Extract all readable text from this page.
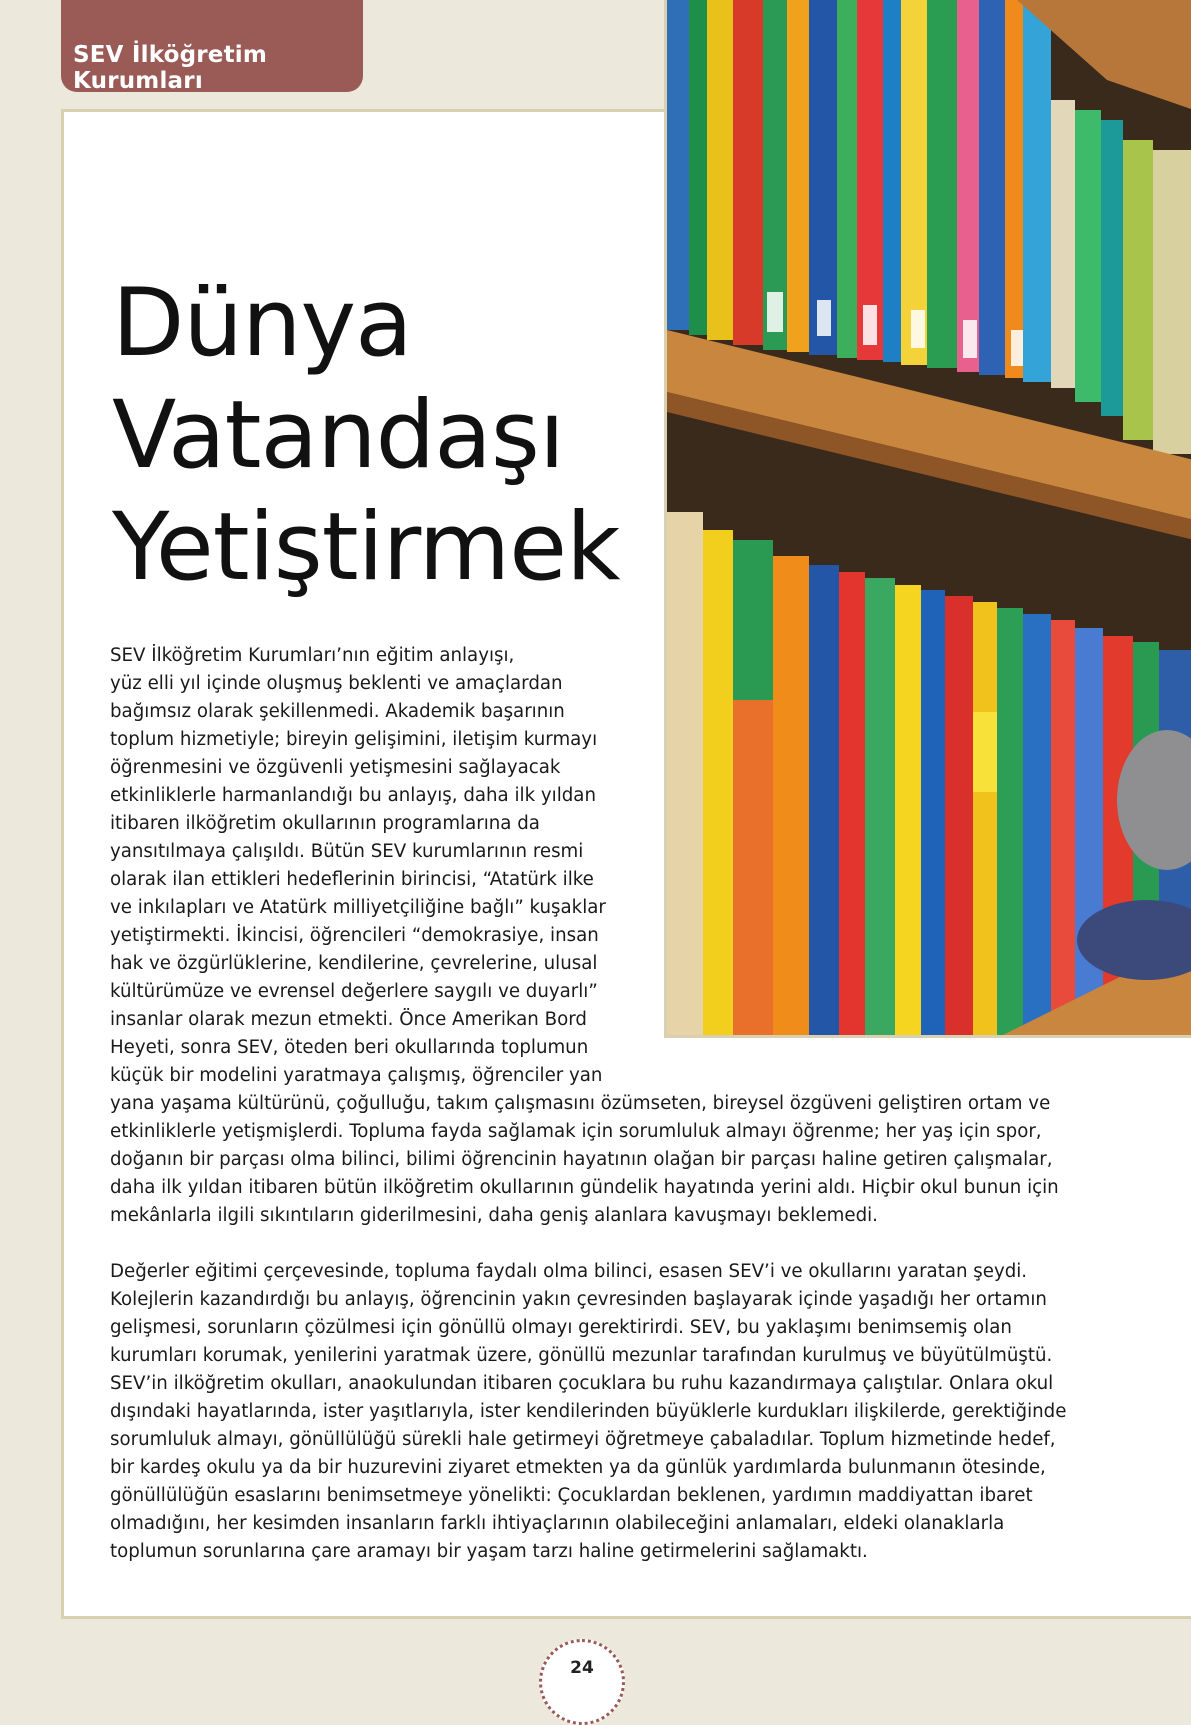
SEV İlköğretim Kurumları
Dünya
Vatandaşı
Yetiştirmek
SEV İlköğretim Kurumları’nın eğitim anlayışı,
yüz elli yıl içinde oluşmuş beklenti ve amaçlardan
bağımsız olarak şekillenmedi. Akademik başarının
toplum hizmetiyle; bireyin gelişimini, iletişim kurmayı
öğrenmesini ve özgüvenli yetişmesini sağlayacak
etkinliklerle harmanlandığı bu anlayış, daha ilk yıldan
itibaren ilköğretim okullarının programlarına da
yansıtılmaya çalışıldı. Bütün SEV kurumlarının resmi
olarak ilan ettikleri hedeflerinin birincisi, “Atatürk ilke
ve inkılapları ve Atatürk milliyetçiliğine bağlı” kuşaklar
yetiştirmekti. İkincisi, öğrencileri “demokrasiye, insan
hak ve özgürlüklerine, kendilerine, çevrelerine, ulusal
kültürümüze ve evrensel değerlere saygılı ve duyarlı”
insanlar olarak mezun etmekti. Önce Amerikan Bord
Heyeti, sonra SEV, öteden beri okullarında toplumun
küçük bir modelini yaratmaya çalışmış, öğrenciler yan
yana yaşama kültürünü, çoğulluğu, takım çalışmasını özümseten, bireysel özgüveni geliştiren ortam ve
etkinliklerle yetişmişlerdi. Topluma fayda sağlamak için sorumluluk almayı öğrenme; her yaş için spor,
doğanın bir parçası olma bilinci, bilimi öğrencinin hayatının olağan bir parçası haline getiren çalışmalar,
daha ilk yıldan itibaren bütün ilköğretim okullarının gündelik hayatında yerini aldı. Hiçbir okul bunun için
mekânlarla ilgili sıkıntıların giderilmesini, daha geniş alanlara kavuşmayı beklemedi.
Değerler eğitimi çerçevesinde, topluma faydalı olma bilinci, esasen SEV’i ve okullarını yaratan şeydi.
Kolejlerin kazandırdığı bu anlayış, öğrencinin yakın çevresinden başlayarak içinde yaşadığı her ortamın
gelişmesi, sorunların çözülmesi için gönüllü olmayı gerektirirdi. SEV, bu yaklaşımı benimsemiş olan
kurumları korumak, yenilerini yaratmak üzere, gönüllü mezunlar tarafından kurulmuş ve büyütülmüştü.
SEV’in ilköğretim okulları, anaokulundan itibaren çocuklara bu ruhu kazandırmaya çalıştılar. Onlara okul
dışındaki hayatlarında, ister yaşıtlarıyla, ister kendilerinden büyüklerle kurdukları ilişkilerde, gerektiğinde
sorumluluk almayı, gönüllülüğü sürekli hale getirmeyi öğretmeye çabaladılar. Toplum hizmetinde hedef,
bir kardeş okulu ya da bir huzurevini ziyaret etmekten ya da günlük yardımlarda bulunmanın ötesinde,
gönüllülüğün esaslarını benimsetmeye yönelikti: Çocuklardan beklenen, yardımın maddiyattan ibaret
olmadığını, her kesimden insanların farklı ihtiyaçlarının olabileceğini anlamaları, eldeki olanaklarla
toplumun sorunlarına çare aramayı bir yaşam tarzı haline getirmelerini sağlamaktı.
24
